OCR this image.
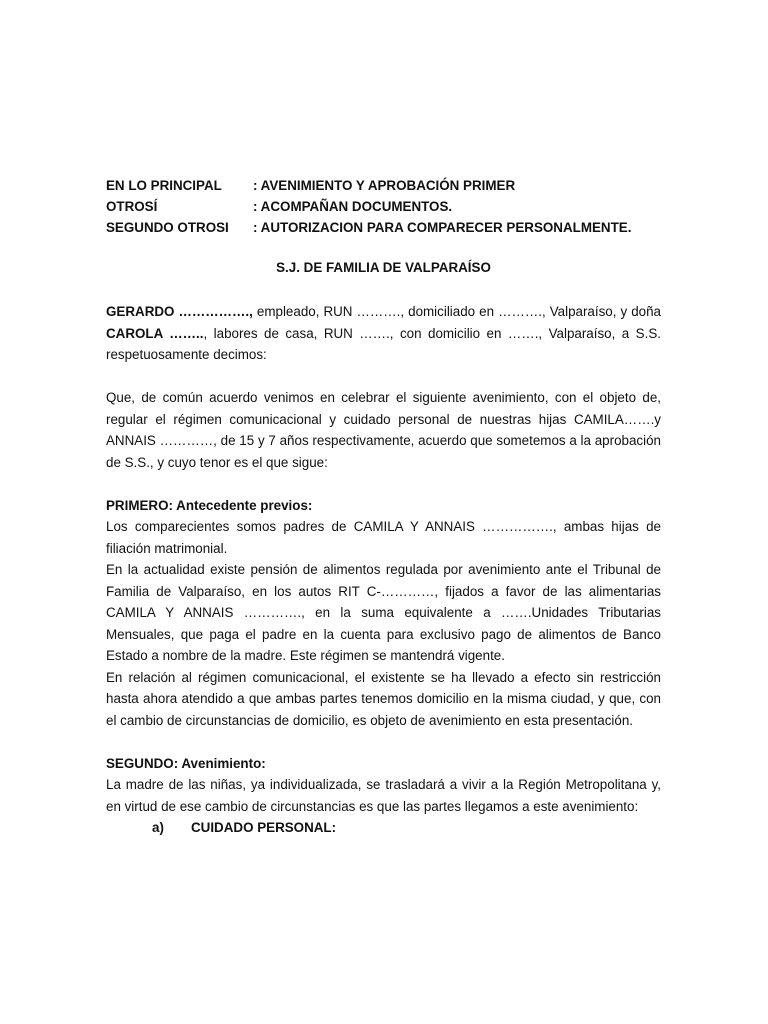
EN LO PRINCIPAL	: AVENIMIENTO Y APROBACIÓN PRIMER
OTROSÍ	: ACOMPAÑAN DOCUMENTOS.
SEGUNDO OTROSI	: AUTORIZACION PARA COMPARECER PERSONALMENTE.
S.J. DE FAMILIA DE VALPARAÍSO

GERARDO ……………., empleado, RUN ………., domiciliado en ………., Valparaíso, y doña CAROLA …….., labores de casa, RUN ……., con domicilio en ……., Valparaíso, a S.S. respetuosamente decimos:

Que, de común acuerdo venimos en celebrar el siguiente avenimiento, con el objeto de, regular el régimen comunicacional y cuidado personal de nuestras hijas CAMILA…….y ANNAIS …………, de 15 y 7 años respectivamente, acuerdo que sometemos a la aprobación de S.S., y cuyo tenor es el que sigue:

PRIMERO: Antecedente previos:

Los comparecientes somos padres de CAMILA Y ANNAIS ……………., ambas hijas de filiación matrimonial.

En la actualidad existe pensión de alimentos regulada por avenimiento ante el Tribunal de Familia de Valparaíso, en los autos RIT C-…………, fijados a favor de las alimentarias CAMILA Y ANNAIS …………., en la suma equivalente a …….Unidades Tributarias Mensuales, que paga el padre en la cuenta para exclusivo pago de alimentos de Banco Estado a nombre de la madre. Este régimen se mantendrá vigente.

En relación al régimen comunicacional, el existente se ha llevado a efecto sin restricción hasta ahora atendido a que ambas partes tenemos domicilio en la misma ciudad, y que, con el cambio de circunstancias de domicilio, es objeto de avenimiento en esta presentación.

SEGUNDO: Avenimiento:

La madre de las niñas, ya individualizada, se trasladará a vivir a la Región Metropolitana y, en virtud de ese cambio de circunstancias es que las partes llegamos a este avenimiento:

a) CUIDADO PERSONAL:
